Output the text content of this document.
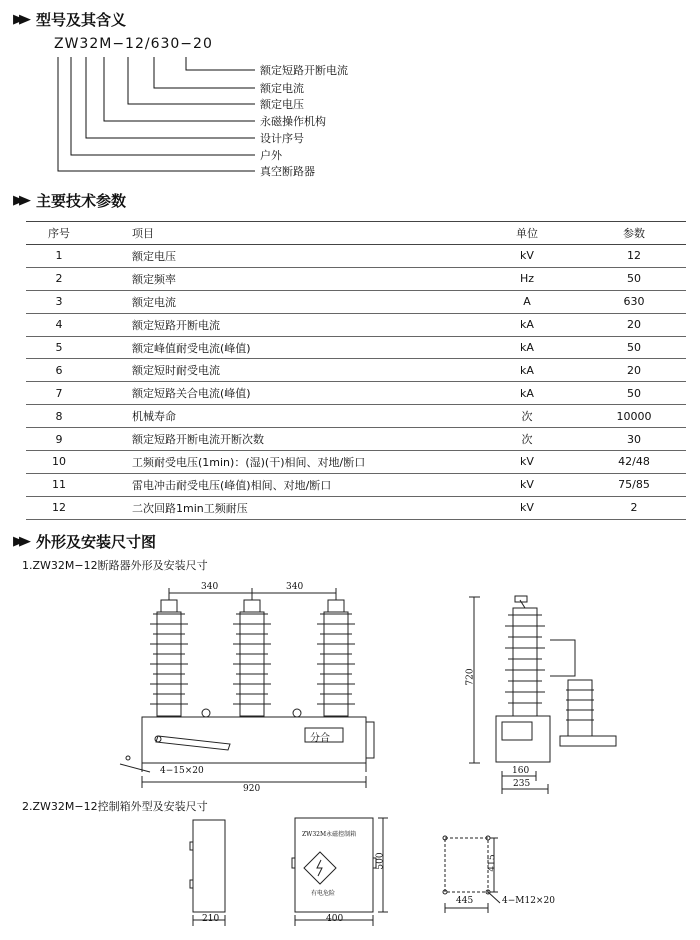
▶▶ 型号及其含义
ZW32M−12/630−20
额定短路开断电流
额定电流
额定电压
永磁操作机构
设计序号
户外
真空断路器
▶▶ 主要技术参数
序号	项目	单位	参数
1	额定电压	kV	12
2	额定频率	Hz	50
3	额定电流	A	630
4	额定短路开断电流	kA	20
5	额定峰值耐受电流(峰值)	kA	50
6	额定短时耐受电流	kA	20
7	额定短路关合电流(峰值)	kA	50
8	机械寿命	次	10000
9	额定短路开断电流开断次数	次	30
10	工频耐受电压(1min)：(湿)(干)相间、对地/断口	kV	42/48
11	雷电冲击耐受电压(峰值)相间、对地/断口	kV	75/85
12	二次回路1min工频耐压	kV	2
▶▶ 外形及安装尺寸图
1.ZW32M−12断路器外形及安装尺寸
340	340
4−15×20
920
分合
720
160
235
2.ZW32M−12控制箱外型及安装尺寸
210
ZW32M永磁控制箱
有电危险
500
400
415
445	4−M12×20
